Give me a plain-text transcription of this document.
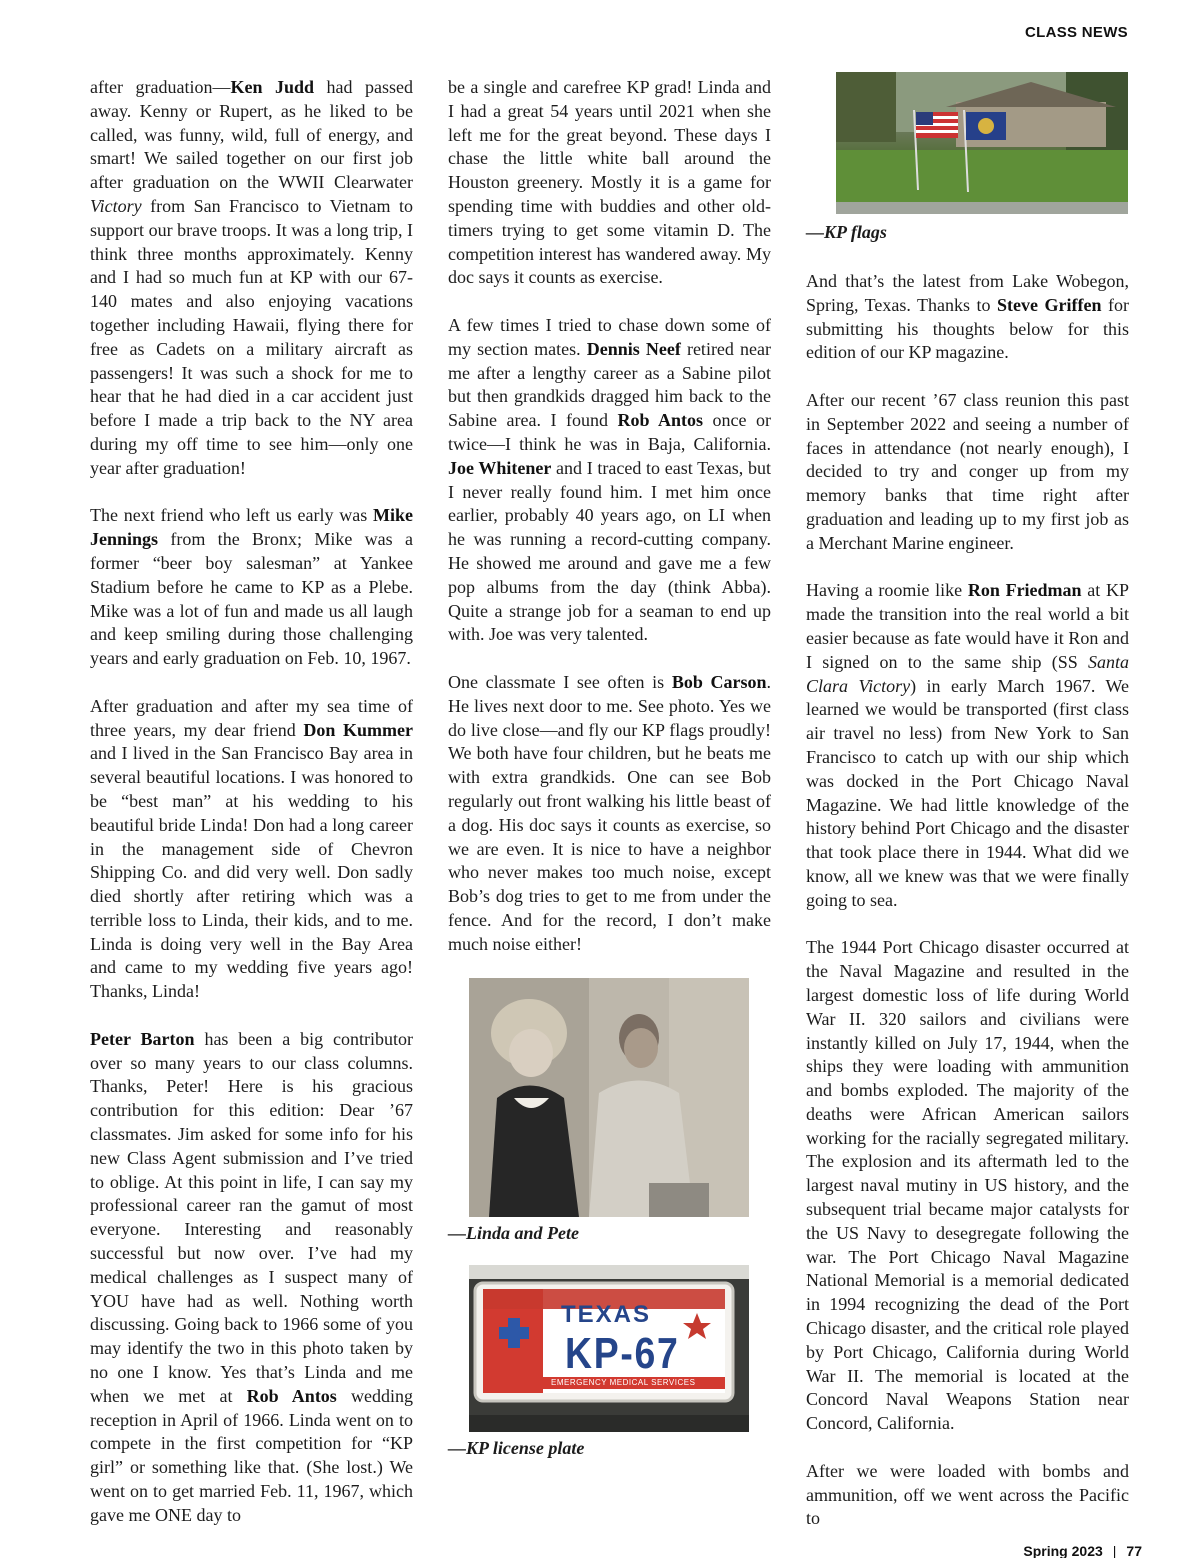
CLASS NEWS

after graduation—Ken Judd had passed away. Kenny or Rupert, as he liked to be called, was funny, wild, full of energy, and smart! We sailed together on our first job after graduation on the WWII Clearwater Victory from San Francisco to Vietnam to support our brave troops. It was a long trip, I think three months approximately. Kenny and I had so much fun at KP with our 67-140 mates and also enjoying vacations together including Hawaii, flying there for free as Cadets on a military aircraft as passengers! It was such a shock for me to hear that he had died in a car accident just before I made a trip back to the NY area during my off time to see him—only one year after graduation!

The next friend who left us early was Mike Jennings from the Bronx; Mike was a former “beer boy salesman” at Yankee Stadium before he came to KP as a Plebe. Mike was a lot of fun and made us all laugh and keep smiling during those challenging years and early graduation on Feb. 10, 1967.

After graduation and after my sea time of three years, my dear friend Don Kummer and I lived in the San Francisco Bay area in several beautiful locations. I was honored to be “best man” at his wedding to his beautiful bride Linda! Don had a long career in the management side of Chevron Shipping Co. and did very well. Don sadly died shortly after retiring which was a terrible loss to Linda, their kids, and to me. Linda is doing very well in the Bay Area and came to my wedding five years ago! Thanks, Linda!

Peter Barton has been a big contributor over so many years to our class columns. Thanks, Peter! Here is his gracious contribution for this edition: Dear ’67 classmates. Jim asked for some info for his new Class Agent submission and I’ve tried to oblige. At this point in life, I can say my professional career ran the gamut of most everyone. Interesting and reasonably successful but now over. I’ve had my medical challenges as I suspect many of YOU have had as well. Nothing worth discussing. Going back to 1966 some of you may identify the two in this photo taken by no one I know. Yes that’s Linda and me when we met at Rob Antos wedding reception in April of 1966. Linda went on to compete in the first competition for “KP girl” or something like that. (She lost.) We went on to get married Feb. 11, 1967, which gave me ONE day to

be a single and carefree KP grad! Linda and I had a great 54 years until 2021 when she left me for the great beyond. These days I chase the little white ball around the Houston greenery. Mostly it is a game for spending time with buddies and other old-timers trying to get some vitamin D. The competition interest has wandered away. My doc says it counts as exercise.

A few times I tried to chase down some of my section mates. Dennis Neef retired near me after a lengthy career as a Sabine pilot but then grandkids dragged him back to the Sabine area. I found Rob Antos once or twice—I think he was in Baja, California. Joe Whitener and I traced to east Texas, but I never really found him. I met him once earlier, probably 40 years ago, on LI when he was running a record-cutting company. He showed me around and gave me a few pop albums from the day (think Abba). Quite a strange job for a seaman to end up with. Joe was very talented.

One classmate I see often is Bob Carson. He lives next door to me. See photo. Yes we do live close—and fly our KP flags proudly! We both have four children, but he beats me with extra grandkids. One can see Bob regularly out front walking his little beast of a dog. His doc says it counts as exercise, so we are even. It is nice to have a neighbor who never makes too much noise, except Bob’s dog tries to get to me from under the fence. And for the record, I don’t make much noise either!

And that’s the latest from Lake Wobegon, Spring, Texas. Thanks to Steve Griffen for submitting his thoughts below for this edition of our KP magazine.

After our recent ’67 class reunion this past in September 2022 and seeing a number of faces in attendance (not nearly enough), I decided to try and conger up from my memory banks that time right after graduation and leading up to my first job as a Merchant Marine engineer.

Having a roomie like Ron Friedman at KP made the transition into the real world a bit easier because as fate would have it Ron and I signed on to the same ship (SS Santa Clara Victory) in early March 1967. We learned we would be transported (first class air travel no less) from New York to San Francisco to catch up with our ship which was docked in the Port Chicago Naval Magazine. We had little knowledge of the history behind Port Chicago and the disaster that took place there in 1944. What did we know, all we knew was that we were finally going to sea.

The 1944 Port Chicago disaster occurred at the Naval Magazine and resulted in the largest domestic loss of life during World War II. 320 sailors and civilians were instantly killed on July 17, 1944, when the ships they were loading with ammunition and bombs exploded. The majority of the deaths were African American sailors working for the racially segregated military. The explosion and its aftermath led to the largest naval mutiny in US history, and the subsequent trial became major catalysts for the US Navy to desegregate following the war. The Port Chicago Naval Magazine National Memorial is a memorial dedicated in 1994 recognizing the dead of the Port Chicago disaster, and the critical role played by Port Chicago, California during World War II. The memorial is located at the Concord Naval Weapons Station near Concord, California.

After we were loaded with bombs and ammunition, off we went across the Pacific to

—KP flags
—Linda and Pete
TEXAS
KP-67
EMERGENCY MEDICAL SERVICES
—KP license plate
Spring 2023 | 77
